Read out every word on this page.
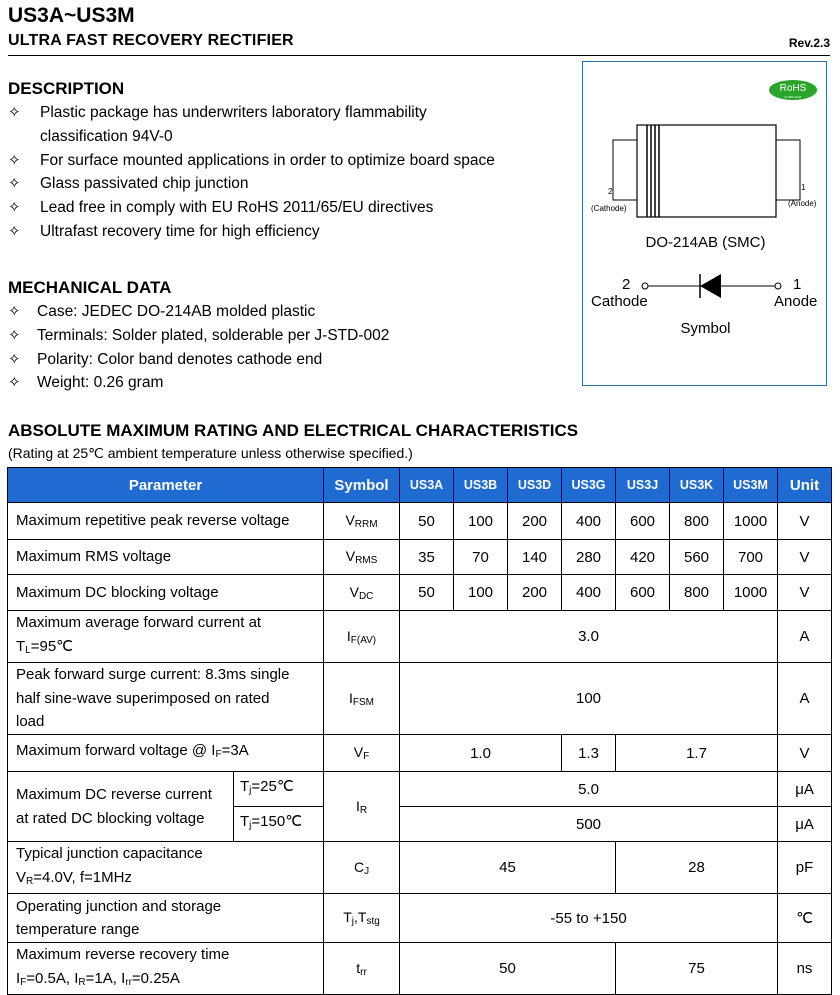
US3A~US3M
ULTRA FAST RECOVERY RECTIFIER	Rev.2.3
DESCRIPTION
✧ Plastic package has underwriters laboratory flammability
classification 94V-0
✧ For surface mounted applications in order to optimize board space
✧ Glass passivated chip junction
✧ Lead free in comply with EU RoHS 2011/65/EU directives
✧ Ultrafast recovery time for high efficiency
MECHANICAL DATA
✧ Case: JEDEC DO-214AB molded plastic
✧ Terminals: Solder plated, solderable per J-STD-002
✧ Polarity: Color band denotes cathode end
✧ Weight: 0.26 gram
RoHS
COMPLIANT
2	1
(Cathode)
(Anode)
DO-214AB (SMC)
2	1
Cathode	Anode
Symbol
ABSOLUTE MAXIMUM RATING AND ELECTRICAL CHARACTERISTICS
(Rating at 25℃ ambient temperature unless otherwise specified.)
Parameter		Symbol	US3A	US3B	US3D	US3G	US3J	US3K	US3M	Unit
Maximum repetitive peak reverse voltage		$V_{RRM}$	50	100	200	400	600	800	1000	V
Maximum RMS voltage		$V_{RMS}$	35	70	140	280	420	560	700	V
Maximum DC blocking voltage		$V_{DC}$	50	100	200	400	600	800	1000	V

Maximum average forward current at
$T_L=95℃$		$I_{F(AV)}$	3.0							A

Peak forward surge current: 8.3ms single
half sine-wave superimposed on rated
load		$I_{FSM}$	100							A
Maximum forward voltage @ $I_F=3A$		$V_F$	1.0			1.3	1.7			V

Maximum DC reverse current
at rated DC blocking voltage	$T_j=25℃$	$I_R$	5.0							μA
	$T_j=150℃$		500							μA

Typical junction capacitance
$V_R=4.0V$, f=1MHz		$C_J$	45				28			pF

Operating junction and storage
temperature range		$T_j,T_{stg}$	-55 to +150							℃

Maximum reverse recovery time
$I_F=0.5A$, $I_R=1A$, $I_{rr}=0.25A$		$t_{rr}$	50				75			ns
